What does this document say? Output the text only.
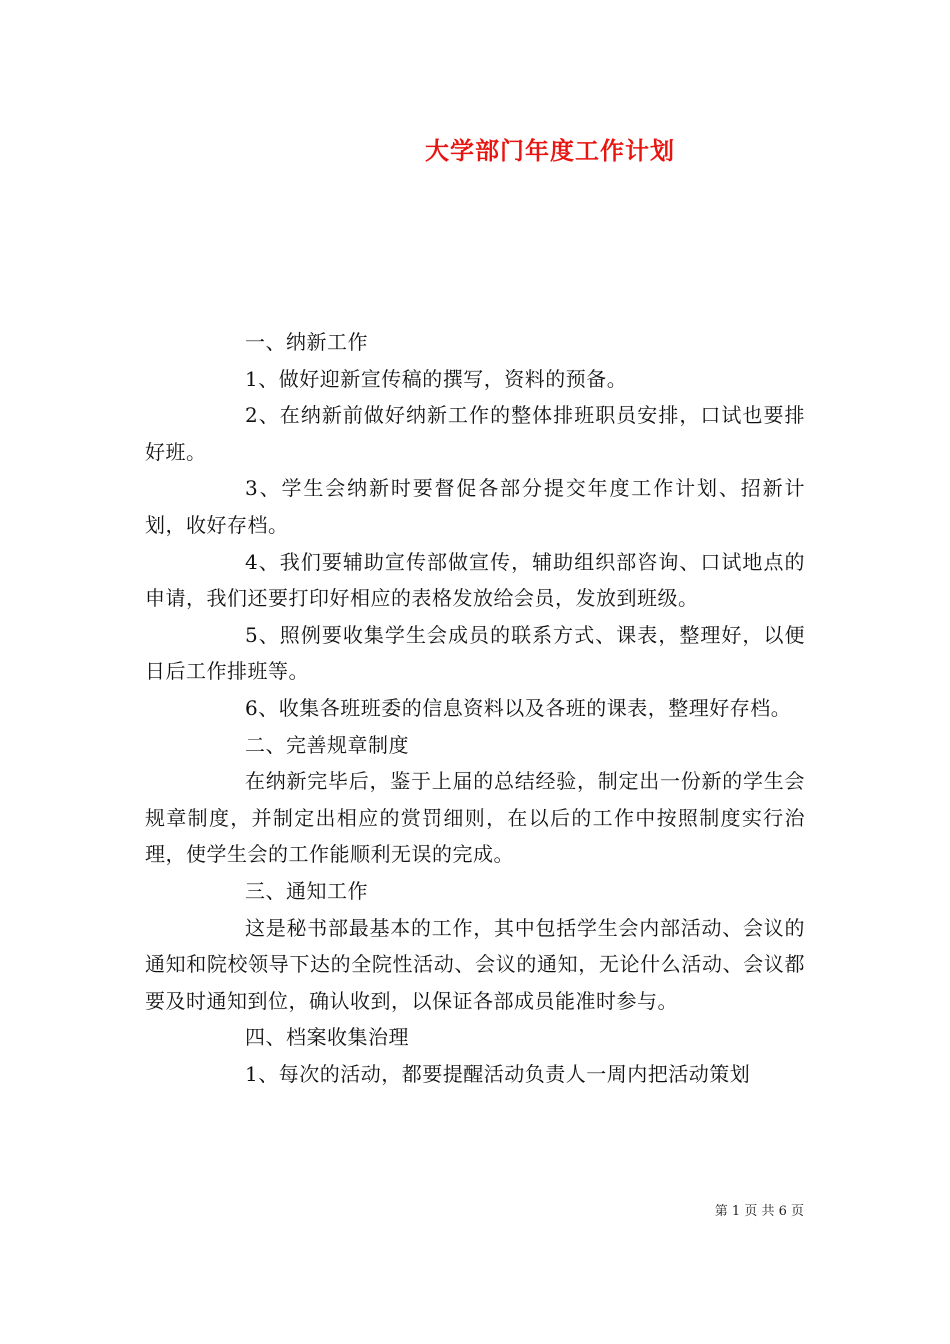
大学部门年度工作计划

一、纳新工作

1、做好迎新宣传稿的撰写，资料的预备。

2、在纳新前做好纳新工作的整体排班职员安排，口试也要排好班。

3、学生会纳新时要督促各部分提交年度工作计划、招新计划，收好存档。

4、我们要辅助宣传部做宣传，辅助组织部咨询、口试地点的申请，我们还要打印好相应的表格发放给会员，发放到班级。

5、照例要收集学生会成员的联系方式、课表，整理好，以便日后工作排班等。

6、收集各班班委的信息资料以及各班的课表，整理好存档。

二、完善规章制度

在纳新完毕后，鉴于上届的总结经验，制定出一份新的学生会规章制度，并制定出相应的赏罚细则，在以后的工作中按照制度实行治理，使学生会的工作能顺利无误的完成。

三、通知工作

这是秘书部最基本的工作，其中包括学生会内部活动、会议的通知和院校领导下达的全院性活动、会议的通知，无论什么活动、会议都要及时通知到位，确认收到，以保证各部成员能准时参与。

四、档案收集治理

1、每次的活动，都要提醒活动负责人一周内把活动策划

第 1 页 共 6 页
